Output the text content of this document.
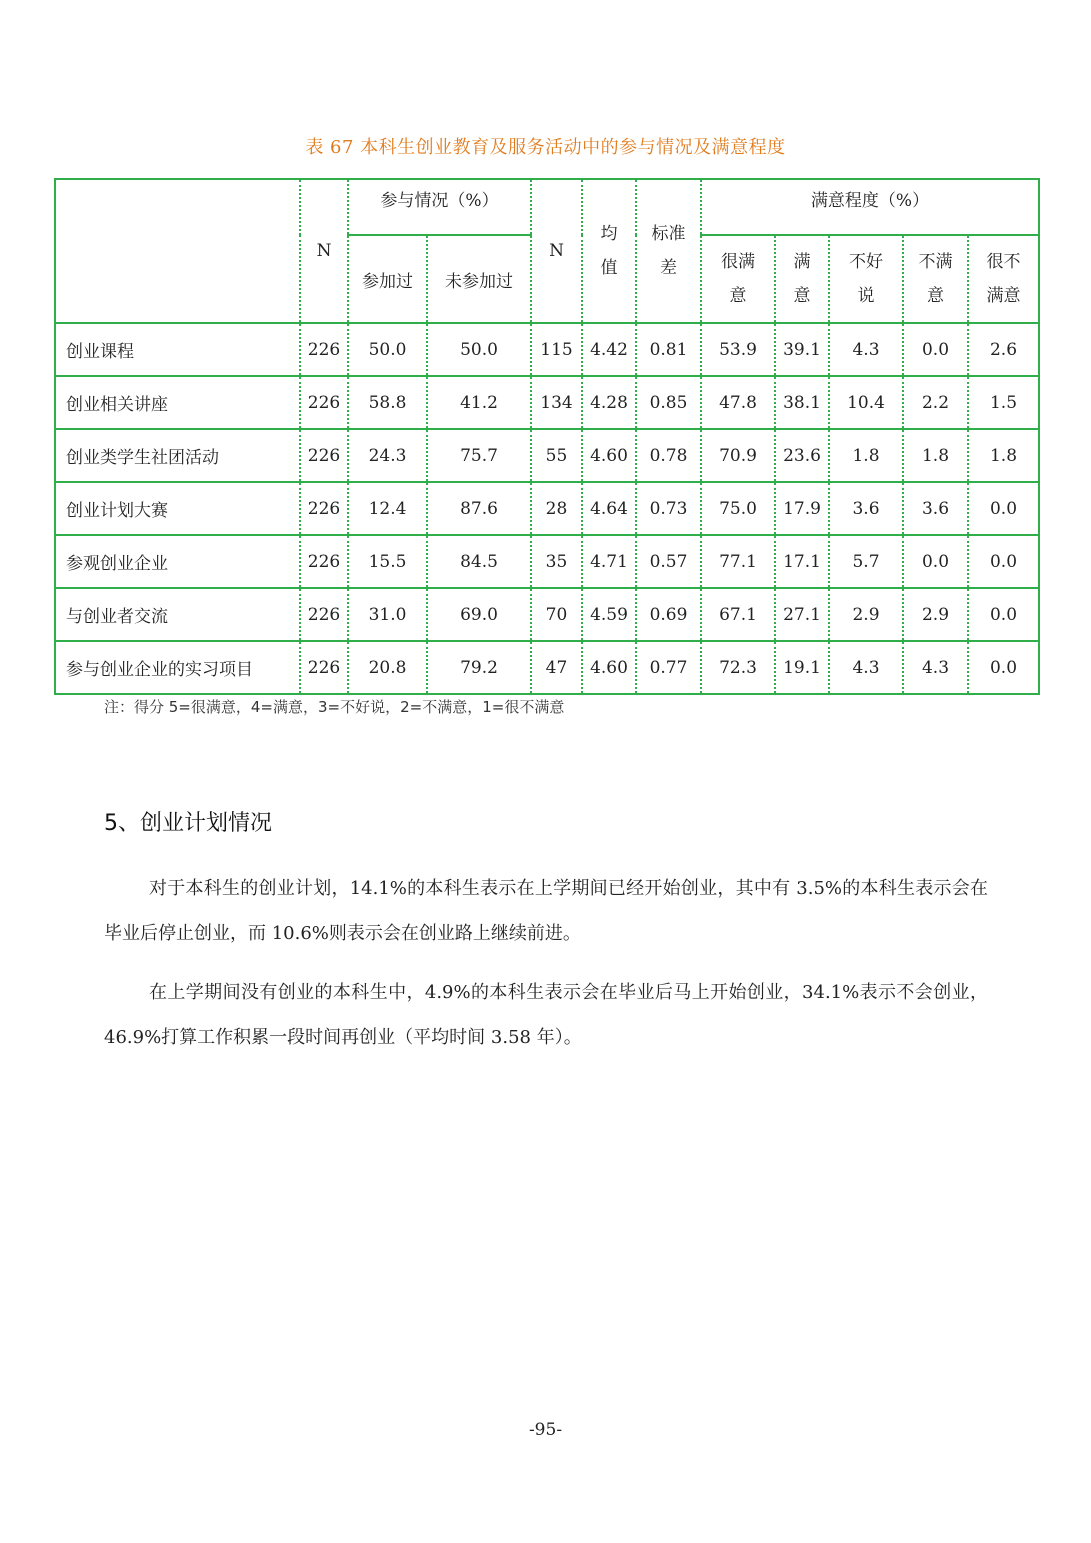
表 67 本科生创业教育及服务活动中的参与情况及满意程度
	N	参与情况（%）		N	均值	标准差	满意程度（%）				
		参加过	未参加过				很满意	满意	不好说	不满意	很不满意

创业课程	226	50.0	50.0	115	4.42	0.81	53.9	39.1	4.3	0.0	2.6
创业相关讲座	226	58.8	41.2	134	4.28	0.85	47.8	38.1	10.4	2.2	1.5
创业类学生社团活动	226	24.3	75.7	55	4.60	0.78	70.9	23.6	1.8	1.8	1.8
创业计划大赛	226	12.4	87.6	28	4.64	0.73	75.0	17.9	3.6	3.6	0.0
参观创业企业	226	15.5	84.5	35	4.71	0.57	77.1	17.1	5.7	0.0	0.0
与创业者交流	226	31.0	69.0	70	4.59	0.69	67.1	27.1	2.9	2.9	0.0
参与创业企业的实习项目	226	20.8	79.2	47	4.60	0.77	72.3	19.1	4.3	4.3	0.0
注：得分 5=很满意，4=满意，3=不好说，2=不满意，1=很不满意
5、创业计划情况

对于本科生的创业计划，14.1%的本科生表示在上学期间已经开始创业，其中有 3.5%的本科生表示会在毕业后停止创业，而 10.6%则表示会在创业路上继续前进。

在上学期间没有创业的本科生中，4.9%的本科生表示会在毕业后马上开始创业，34.1%表示不会创业，46.9%打算工作积累一段时间再创业（平均时间 3.58 年）。

-95-
